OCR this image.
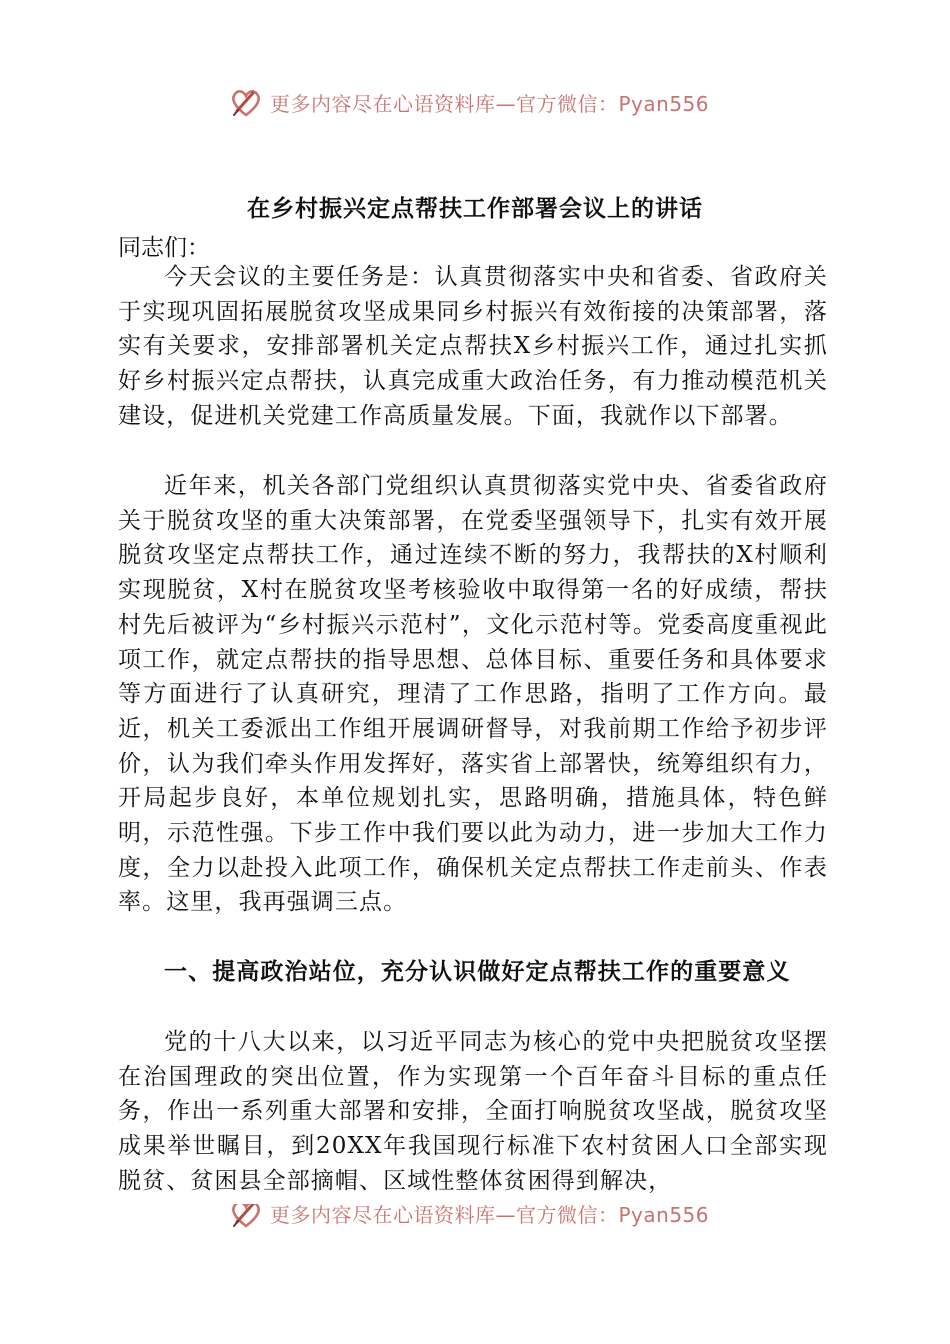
更多内容尽在心语资料库—官方微信：Pyan556
在乡村振兴定点帮扶工作部署会议上的讲话
同志们：

今天会议的主要任务是：认真贯彻落实中央和省委、省政府关于实现巩固拓展脱贫攻坚成果同乡村振兴有效衔接的决策部署，落实有关要求，安排部署机关定点帮扶X乡村振兴工作，通过扎实抓好乡村振兴定点帮扶，认真完成重大政治任务，有力推动模范机关建设，促进机关党建工作高质量发展。下面，我就作以下部署。

近年来，机关各部门党组织认真贯彻落实党中央、省委省政府关于脱贫攻坚的重大决策部署，在党委坚强领导下，扎实有效开展脱贫攻坚定点帮扶工作，通过连续不断的努力，我帮扶的X村顺利实现脱贫，X村在脱贫攻坚考核验收中取得第一名的好成绩，帮扶村先后被评为“乡村振兴示范村”，文化示范村等。党委高度重视此项工作，就定点帮扶的指导思想、总体目标、重要任务和具体要求等方面进行了认真研究，理清了工作思路，指明了工作方向。最近，机关工委派出工作组开展调研督导，对我前期工作给予初步评价，认为我们牵头作用发挥好，落实省上部署快，统筹组织有力，开局起步良好，本单位规划扎实，思路明确，措施具体，特色鲜明，示范性强。下步工作中我们要以此为动力，进一步加大工作力度，全力以赴投入此项工作，确保机关定点帮扶工作走前头、作表率。这里，我再强调三点。

一、提高政治站位，充分认识做好定点帮扶工作的重要意义

党的十八大以来，以习近平同志为核心的党中央把脱贫攻坚摆在治国理政的突出位置，作为实现第一个百年奋斗目标的重点任务，作出一系列重大部署和安排，全面打响脱贫攻坚战，脱贫攻坚成果举世瞩目，到20XX年我国现行标准下农村贫困人口全部实现脱贫、贫困县全部摘帽、区域性整体贫困得到解决，

更多内容尽在心语资料库—官方微信：Pyan556
